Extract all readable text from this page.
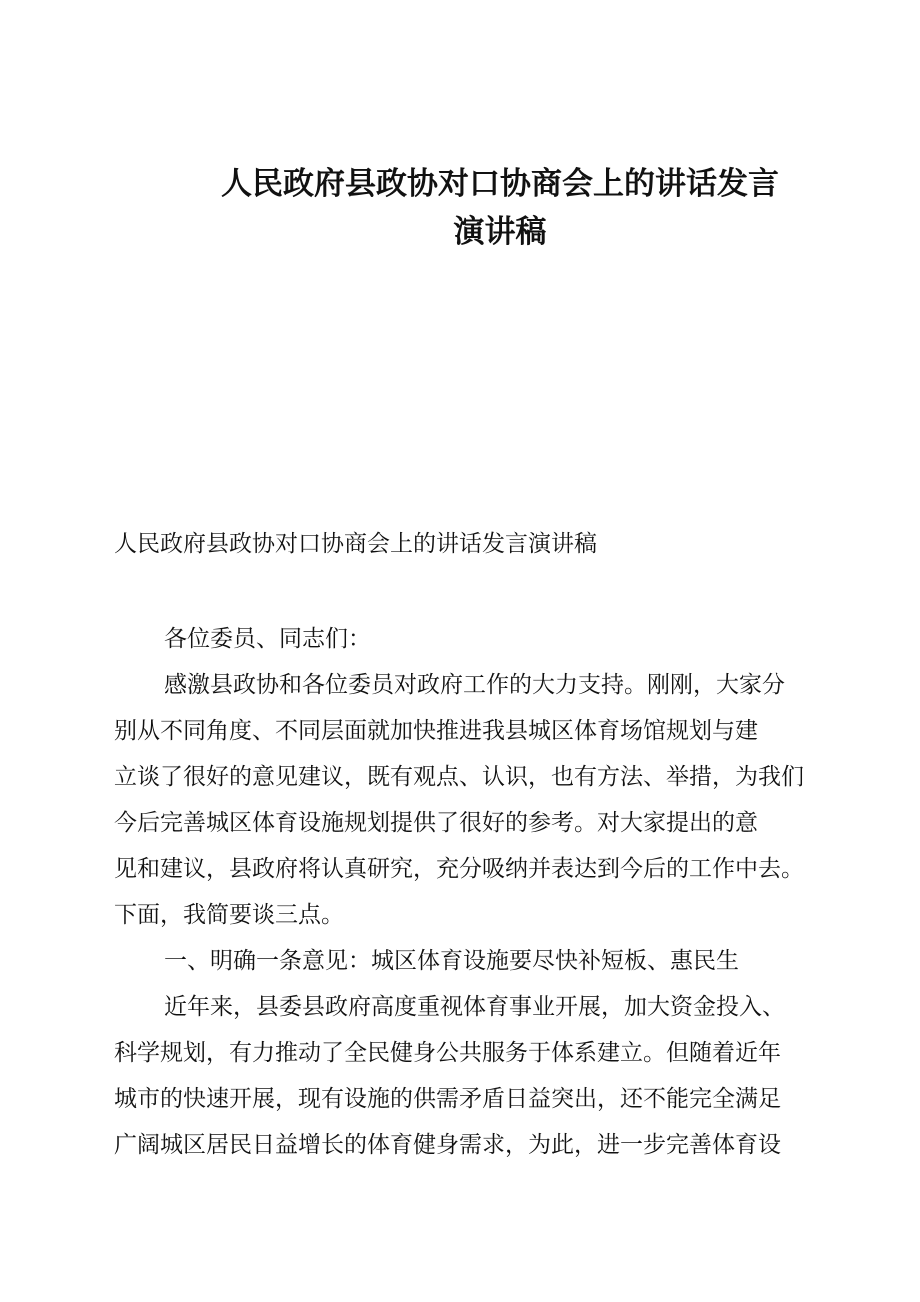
人民政府县政协对口协商会上的讲话发言
演讲稿
人民政府县政协对口协商会上的讲话发言演讲稿
各位委员、同志们：
感激县政协和各位委员对政府工作的大力支持。刚刚，大家分
别从不同角度、不同层面就加快推进我县城区体育场馆规划与建
立谈了很好的意见建议，既有观点、认识，也有方法、举措，为我们
今后完善城区体育设施规划提供了很好的参考。对大家提出的意
见和建议，县政府将认真研究，充分吸纳并表达到今后的工作中去。
下面，我简要谈三点。
一、明确一条意见：城区体育设施要尽快补短板、惠民生
近年来，县委县政府高度重视体育事业开展，加大资金投入、
科学规划，有力推动了全民健身公共服务于体系建立。但随着近年
城市的快速开展，现有设施的供需矛盾日益突出，还不能完全满足
广阔城区居民日益增长的体育健身需求，为此，进一步完善体育设
